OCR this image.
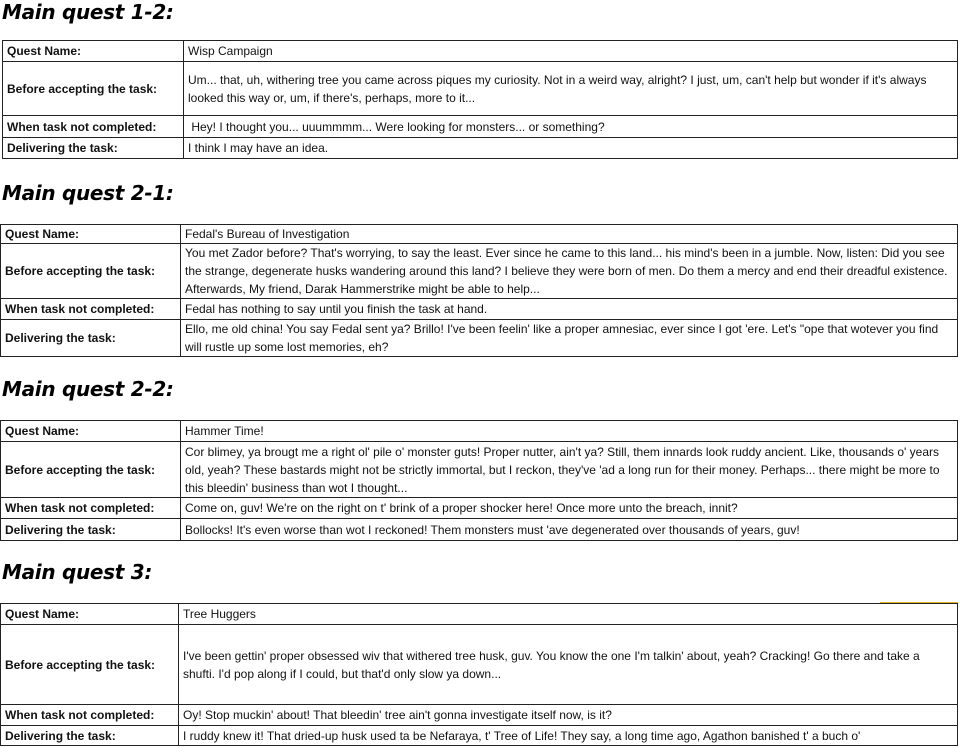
Main quest 1-2:
Quest Name:	Wisp Campaign
Before accepting the task:	Um... that, uh, withering tree you came across piques my curiosity. Not in a weird way, alright? I just, um, can't help but wonder if it's always looked this way or, um, if there's, perhaps, more to it...
When task not completed:	Hey! I thought you... uuummmm... Were looking for monsters... or something?
Delivering the task:	I think I may have an idea.
Main quest 2-1:
Quest Name:	Fedal's Bureau of Investigation
Before accepting the task:	You met Zador before? That's worrying, to say the least. Ever since he came to this land... his mind's been in a jumble. Now, listen: Did you see the strange, degenerate husks wandering around this land? I believe they were born of men. Do them a mercy and end their dreadful existence. Afterwards, My friend, Darak Hammerstrike might be able to help...
When task not completed:	Fedal has nothing to say until you finish the task at hand.
Delivering the task:	Ello, me old china! You say Fedal sent ya? Brillo! I've been feelin' like a proper amnesiac, ever since I got 'ere. Let's "ope that wotever you find will rustle up some lost memories, eh?
Main quest 2-2:
Quest Name:	Hammer Time!
Before accepting the task:	Cor blimey, ya brougt me a right ol' pile o' monster guts! Proper nutter, ain't ya? Still, them innards look ruddy ancient. Like, thousands o' years old, yeah? These bastards might not be strictly immortal, but I reckon, they've 'ad a long run for their money. Perhaps... there might be more to this bleedin' business than wot I thought...
When task not completed:	Come on, guv! We're on the right on t' brink of a proper shocker here! Once more unto the breach, innit?
Delivering the task:	Bollocks! It's even worse than wot I reckoned! Them monsters must 'ave degenerated over thousands of years, guv!
Main quest 3:
Quest Name:	Tree Huggers
Before accepting the task:	I've been gettin' proper obsessed wiv that withered tree husk, guv. You know the one I'm talkin' about, yeah? Cracking! Go there and take a shufti. I'd pop along if I could, but that'd only slow ya down...
When task not completed:	Oy! Stop muckin' about! That bleedin' tree ain't gonna investigate itself now, is it?
Delivering the task:	I ruddy knew it! That dried-up husk used ta be Nefaraya, t' Tree of Life! They say, a long time ago, Agathon banished t' a buch o'
